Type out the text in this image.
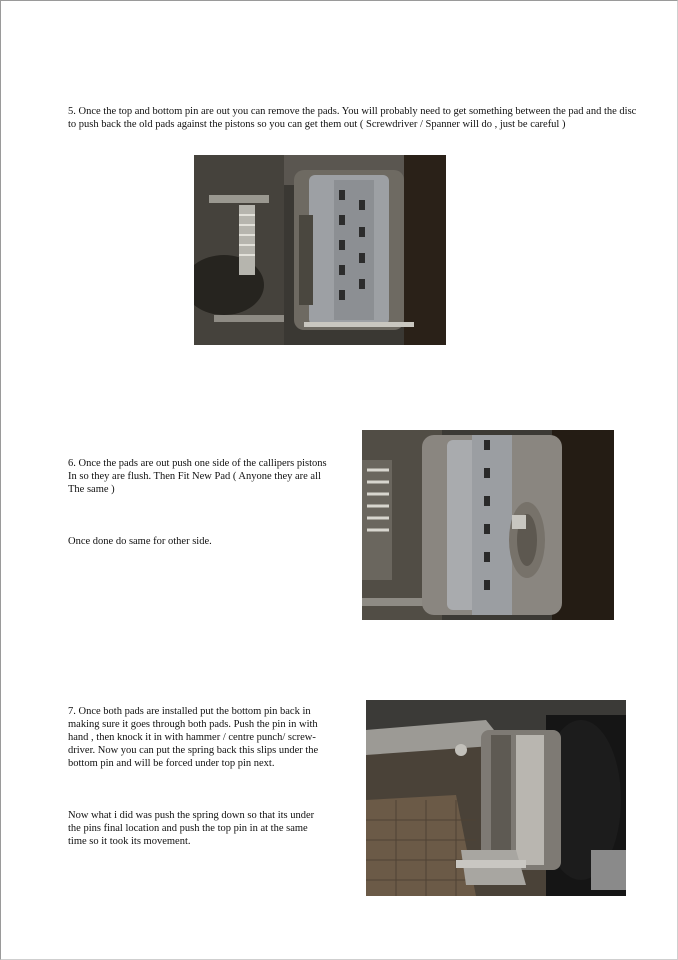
5. Once the top and bottom pin are out you can remove the pads. You will probably need to get something between the pad and the disc to push back the old pads against the pistons so you can get them out ( Screwdriver / Spanner will do , just be careful )

6. Once the pads are out push one side of the callipers pistons
In so they are flush. Then Fit New Pad ( Anyone they are all
The same )

Once done do same for other side.

7. Once both pads are installed put the bottom pin back in
making sure it goes through both pads. Push the pin in with
hand , then knock it in with hammer / centre punch/ screw-
driver. Now you can put the spring back this slips under the
bottom pin and will be forced under top pin next.

Now what i did was push the spring down so that its under
the pins final location and push the top pin in at the same
time so it took its movement.
